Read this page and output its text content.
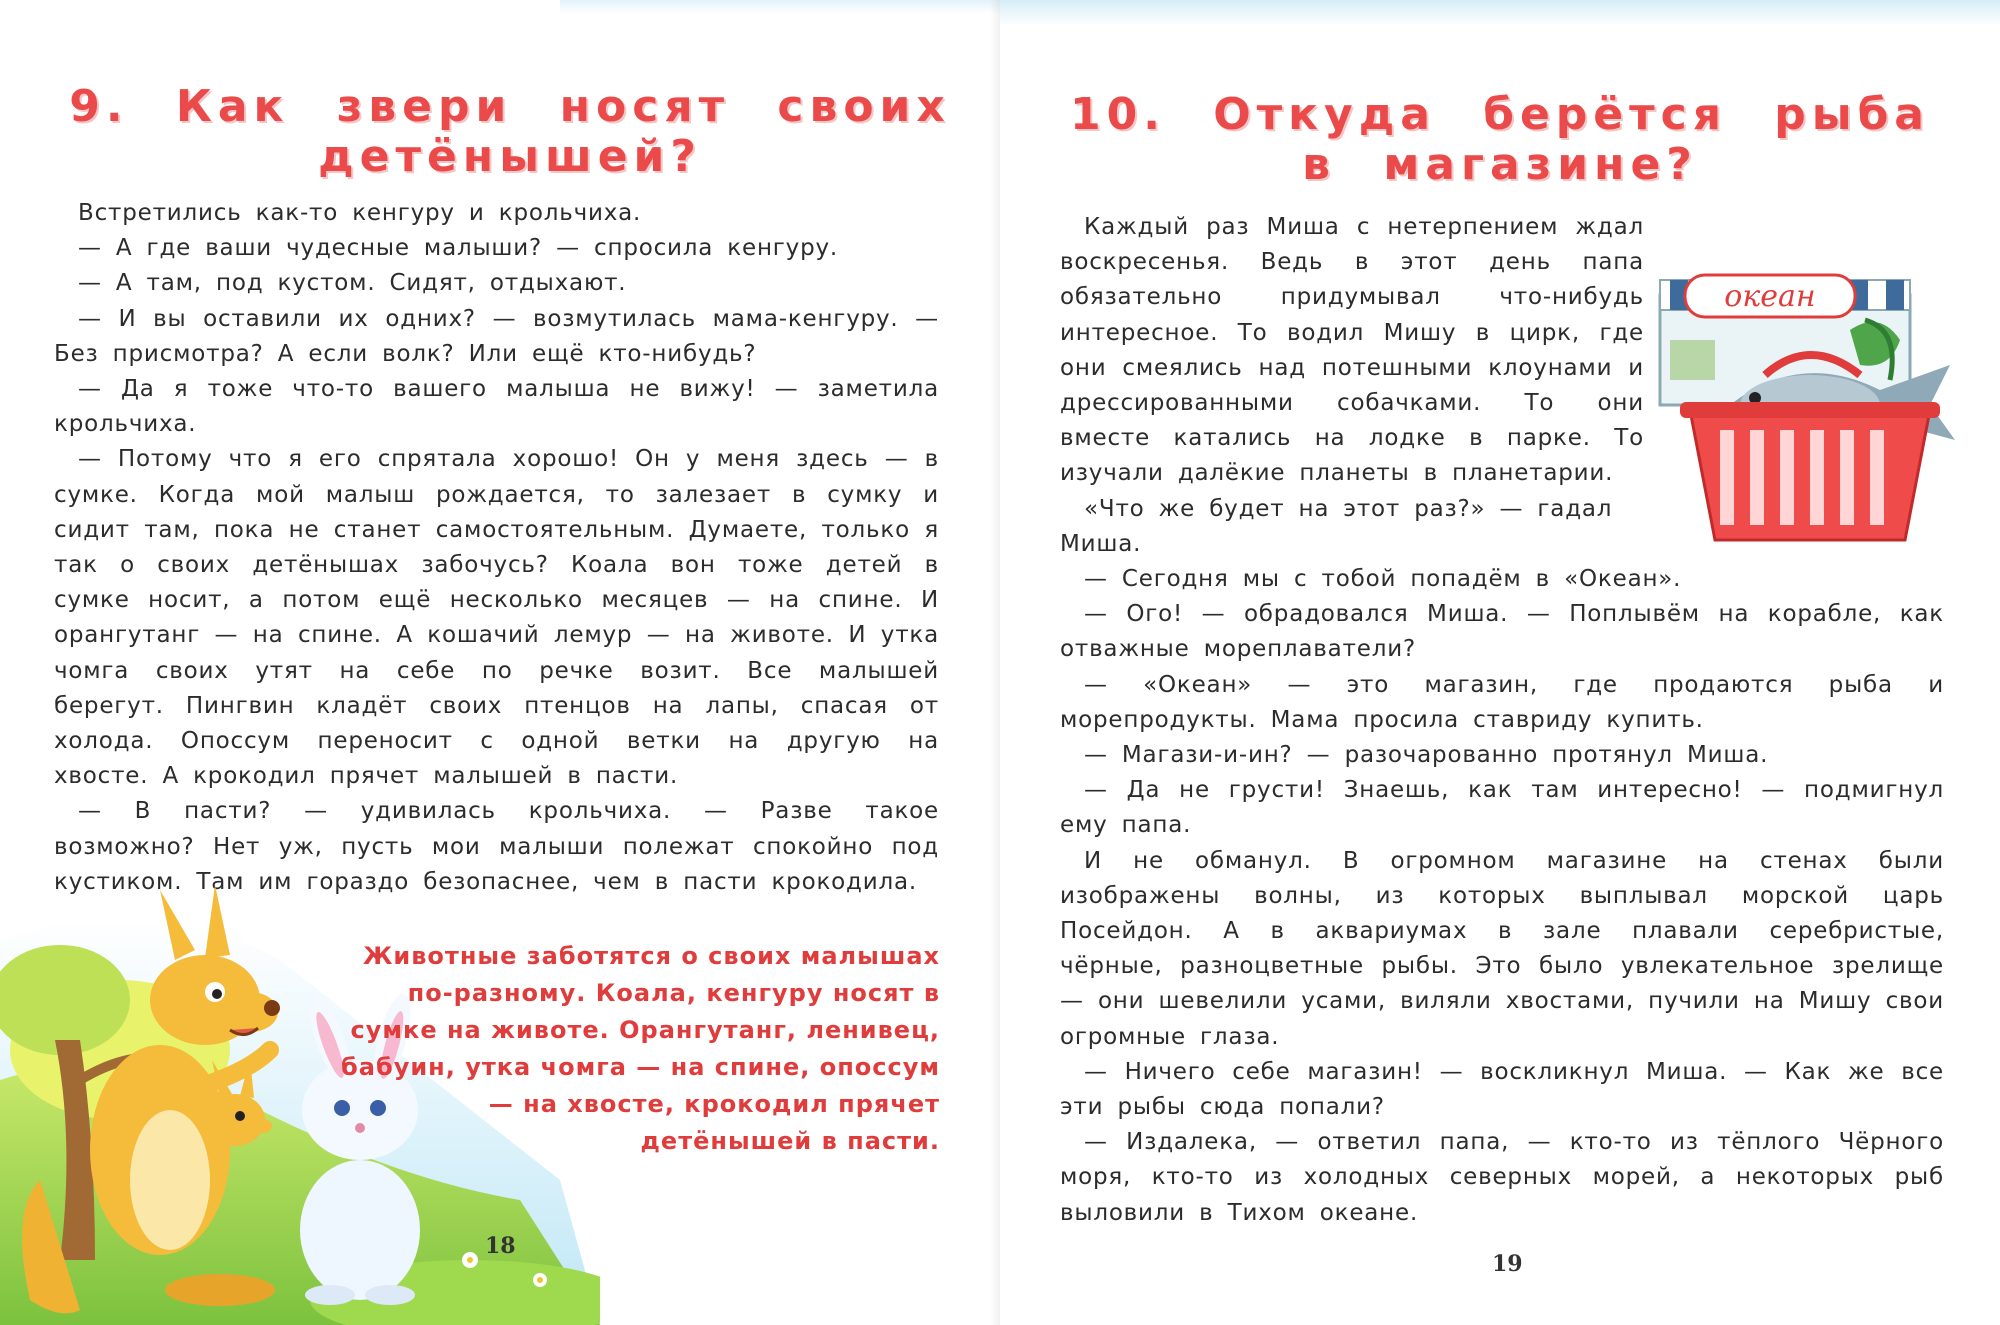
9. Как звери носят своих детёнышей?

Встретились как-то кенгуру и крольчиха.

— А где ваши чудесные малыши? — спросила кенгуру.

— А там, под кустом. Сидят, отдыхают.

— И вы оставили их одних? — возмутилась мама-кенгуру. — Без присмотра? А если волк? Или ещё кто-нибудь?

— Да я тоже что-то вашего малыша не вижу! — заметила крольчиха.

— Потому что я его спрятала хорошо! Он у меня здесь — в сумке. Когда мой малыш рождается, то залезает в сумку и сидит там, пока не станет самостоятельным. Думаете, только я так о своих детёнышах забочусь? Коала вон тоже детей в сумке носит, а потом ещё несколько месяцев — на спине. И орангутанг — на спине. А кошачий лемур — на животе. И утка чомга своих утят на себе по речке возит. Все малышей берегут. Пингвин кладёт своих птенцов на лапы, спасая от холода. Опоссум переносит с одной ветки на другую на хвосте. А крокодил прячет малышей в пасти.

— В пасти? — удивилась крольчиха. — Разве такое возможно? Нет уж, пусть мои малыши полежат спокойно под кустиком. Там им гораздо безопаснее, чем в пасти крокодила.

Животные заботятся о своих малышах по-разному. Коала, кенгуру носят в сумке на животе. Орангутанг, ленивец, бабуин, утка чомга — на спине, опоссум — на хвосте, крокодил прячет детёнышей в пасти.

18
10. Откуда берётся рыба в магазине?

Каждый раз Миша с нетерпением ждал воскресенья. Ведь в этот день папа обязательно придумывал что-нибудь интересное. То водил Мишу в цирк, где они смеялись над потешными клоунами и дрессированными собачками. То они вместе катались на лодке в парке. То изучали далёкие планеты в планетарии.

«Что же будет на этот раз?» — гадал Миша.

— Сегодня мы с тобой попадём в «Океан».

— Ого! — обрадовался Миша. — Поплывём на корабле, как отважные мореплаватели?

— «Океан» — это магазин, где продаются рыба и морепродукты. Мама просила ставриду купить.

— Магази-и-ин? — разочарованно протянул Миша.

— Да не грусти! Знаешь, как там интересно! — подмигнул ему папа.

И не обманул. В огромном магазине на стенах были изображены волны, из которых выплывал морской царь Посейдон. А в аквариумах в зале плавали серебристые, чёрные, разноцветные рыбы. Это было увлекательное зрелище — они шевелили усами, виляли хвостами, пучили на Мишу свои огромные глаза.

— Ничего себе магазин! — воскликнул Миша. — Как же все эти рыбы сюда попали?

— Издалека, — ответил папа, — кто-то из тёплого Чёрного моря, кто-то из холодных северных морей, а некоторых рыб выловили в Тихом океане.

океан
19
